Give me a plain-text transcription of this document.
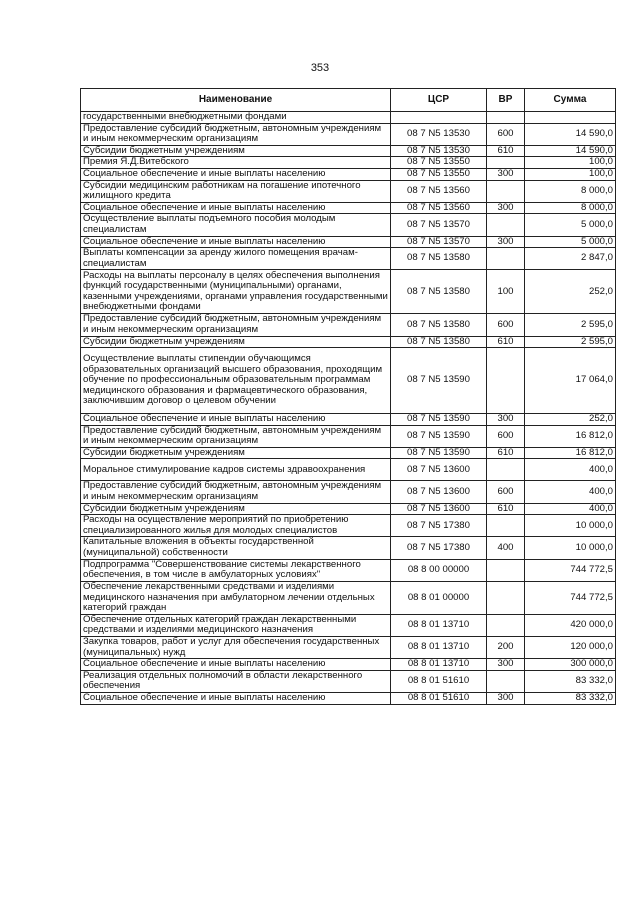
353
Наименование	ЦСР	ВР	Сумма
государственными внебюджетными фондами			
Предоставление субсидий бюджетным, автономным учреждениям и иным некоммерческим организациям	08 7 N5 13530	600	14 590,0
Субсидии бюджетным учреждениям	08 7 N5 13530	610	14 590,0
Премия Я.Д.Витебского	08 7 N5 13550		100,0
Социальное обеспечение и иные выплаты населению	08 7 N5 13550	300	100,0
Субсидии медицинским работникам на погашение ипотечного жилищного кредита	08 7 N5 13560		8 000,0
Социальное обеспечение и иные выплаты населению	08 7 N5 13560	300	8 000,0
Осуществление выплаты подъемного пособия молодым специалистам	08 7 N5 13570		5 000,0
Социальное обеспечение и иные выплаты населению	08 7 N5 13570	300	5 000,0
Выплаты компенсации за аренду жилого помещения врачам-специалистам	08 7 N5 13580		2 847,0
Расходы на выплаты персоналу в целях обеспечения выполнения функций государственными (муниципальными) органами, казенными учреждениями, органами управления государственными внебюджетными фондами	08 7 N5 13580	100	252,0
Предоставление субсидий бюджетным, автономным учреждениям и иным некоммерческим организациям	08 7 N5 13580	600	2 595,0
Субсидии бюджетным учреждениям	08 7 N5 13580	610	2 595,0
Осуществление выплаты стипендии обучающимся образовательных организаций высшего образования, проходящим обучение по профессиональным образовательным программам медицинского образования и фармацевтического образования, заключившим договор о целевом обучении	08 7 N5 13590		17 064,0
Социальное обеспечение и иные выплаты населению	08 7 N5 13590	300	252,0
Предоставление субсидий бюджетным, автономным учреждениям и иным некоммерческим организациям	08 7 N5 13590	600	16 812,0
Субсидии бюджетным учреждениям	08 7 N5 13590	610	16 812,0
Моральное стимулирование кадров системы здравоохранения	08 7 N5 13600		400,0
Предоставление субсидий бюджетным, автономным учреждениям и иным некоммерческим организациям	08 7 N5 13600	600	400,0
Субсидии бюджетным учреждениям	08 7 N5 13600	610	400,0
Расходы на осуществление мероприятий по приобретению специализированного жилья для молодых специалистов	08 7 N5 17380		10 000,0
Капитальные вложения в объекты государственной (муниципальной) собственности	08 7 N5 17380	400	10 000,0
Подпрограмма "Совершенствование системы лекарственного обеспечения, в том числе в амбулаторных условиях"	08 8 00 00000		744 772,5
Обеспечение лекарственными средствами и изделиями медицинского назначения при амбулаторном лечении отдельных категорий граждан	08 8 01 00000		744 772,5
Обеспечение отдельных категорий граждан лекарственными средствами и изделиями медицинского назначения	08 8 01 13710		420 000,0
Закупка товаров, работ и услуг для обеспечения государственных (муниципальных) нужд	08 8 01 13710	200	120 000,0
Социальное обеспечение и иные выплаты населению	08 8 01 13710	300	300 000,0
Реализация отдельных полномочий в области лекарственного обеспечения	08 8 01 51610		83 332,0
Социальное обеспечение и иные выплаты населению	08 8 01 51610	300	83 332,0
